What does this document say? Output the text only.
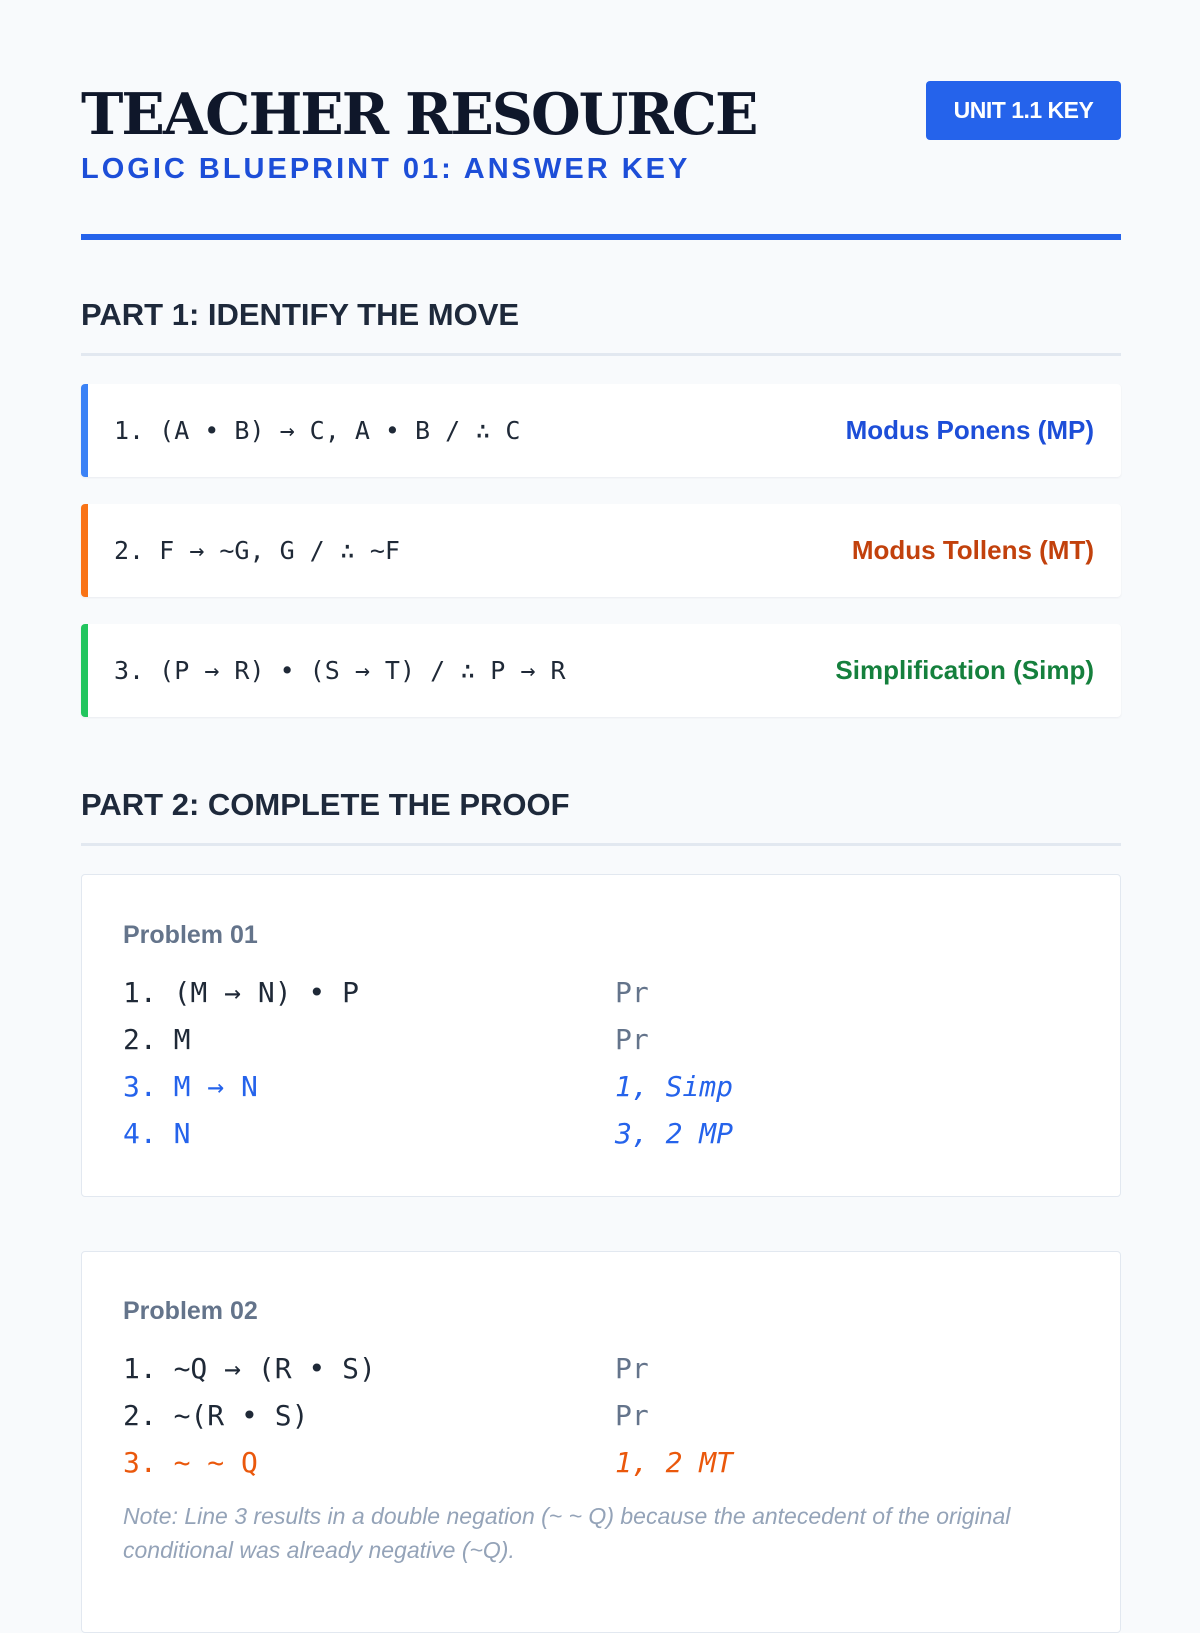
TEACHER RESOURCE
LOGIC BLUEPRINT 01: ANSWER KEY
UNIT 1.1 KEY
PART 1: IDENTIFY THE MOVE
1. (A • B) → C, A • B / ∴ C	Modus Ponens (MP)
2. F → ~G, G / ∴ ~F	Modus Tollens (MT)
3. (P → R) • (S → T) / ∴ P → R	Simplification (Simp)
PART 2: COMPLETE THE PROOF
Problem 01
1. (M → N) • P	Pr
2. M	Pr
3. M → N	1, Simp
4. N	3, 2 MP
Problem 02
1. ~Q → (R • S)	Pr
2. ~(R • S)	Pr
3. ~ ~ Q	1, 2 MT
Note: Line 3 results in a double negation (~ ~ Q) because the antecedent of the original conditional was already negative (~Q).
